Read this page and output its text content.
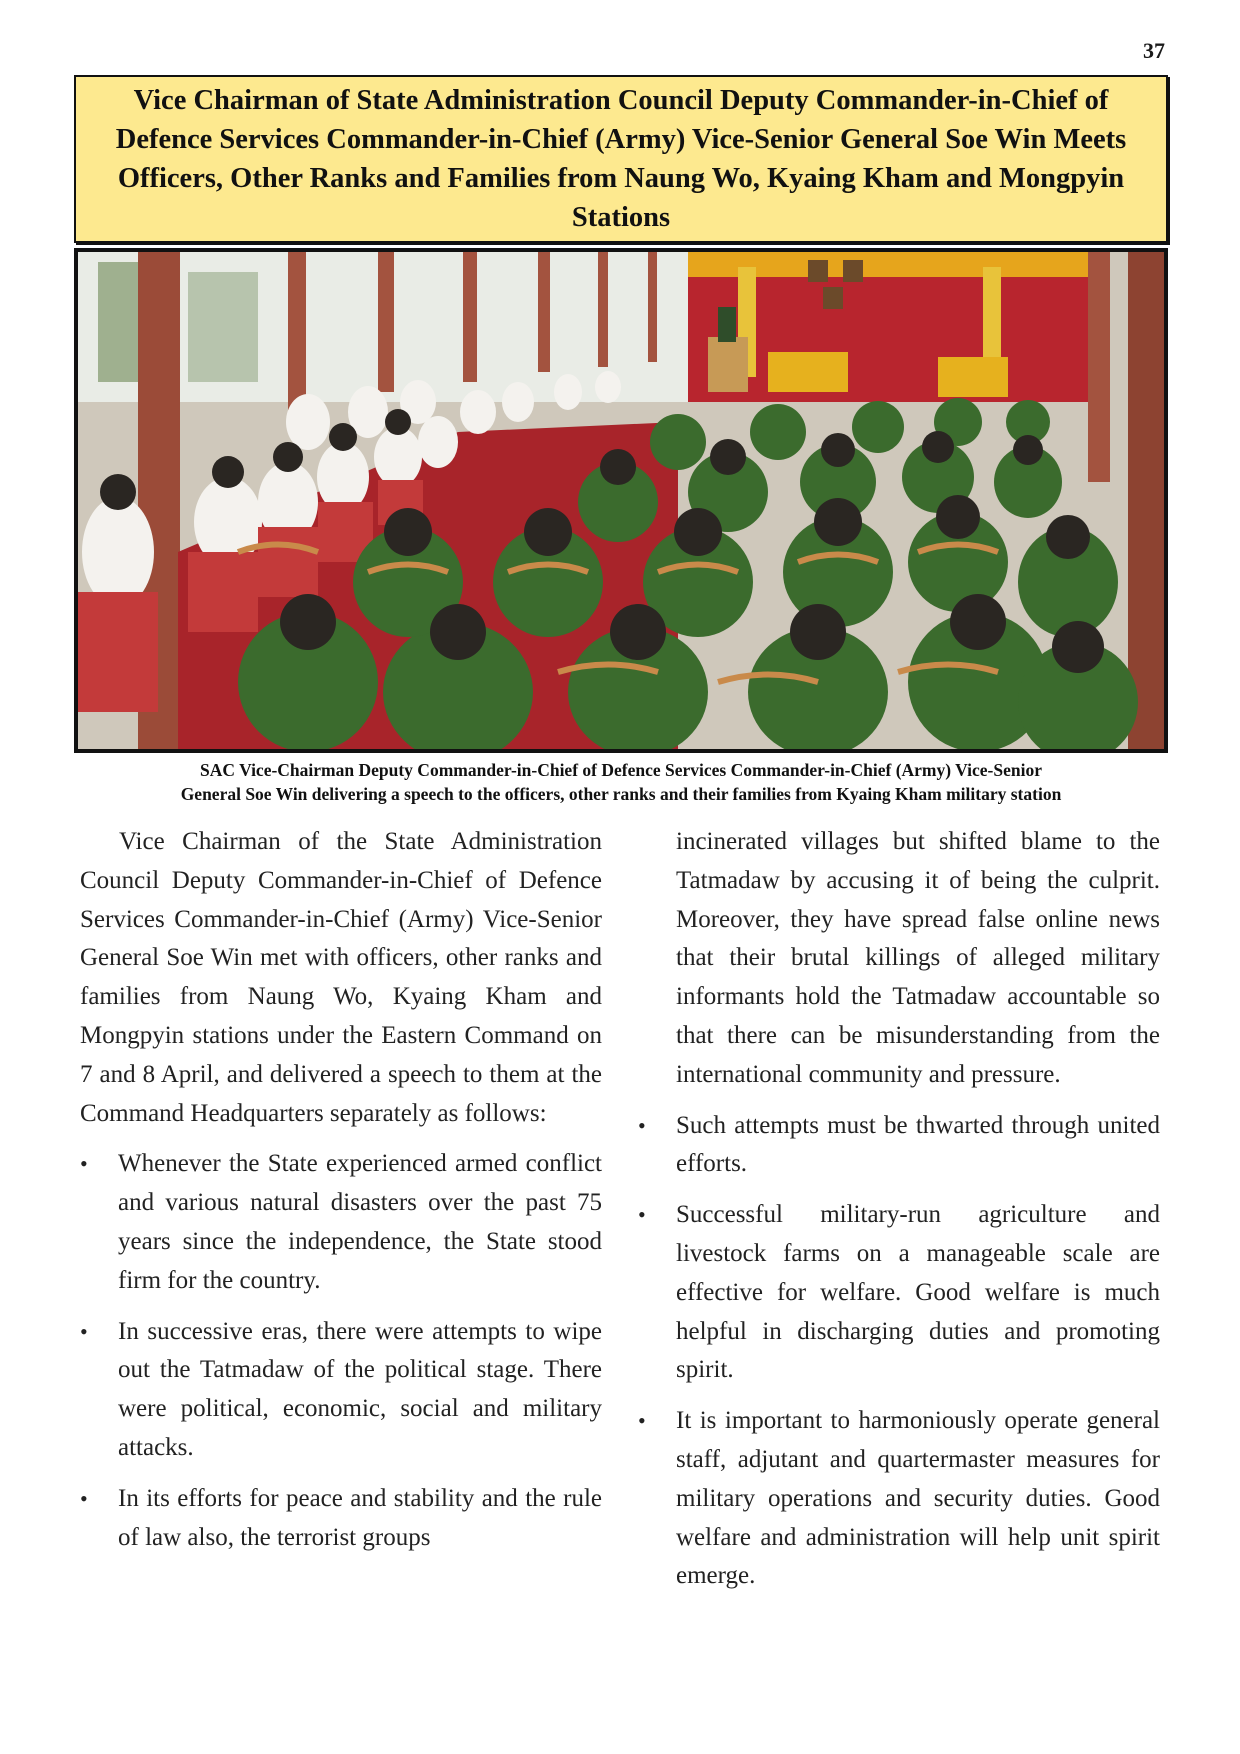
37
Vice Chairman of State Administration Council Deputy Commander-in-Chief of Defence Services Commander-in-Chief (Army) Vice-Senior General Soe Win Meets Officers, Other Ranks and Families from Naung Wo, Kyaing Kham and Mongpyin Stations
SAC Vice-Chairman Deputy Commander-in-Chief of Defence Services Commander-in-Chief (Army) Vice-Senior
General Soe Win delivering a speech to the officers, other ranks and their families from Kyaing Kham military station

Vice Chairman of the State Administration Council Deputy Commander-in-Chief of Defence Services Commander-in-Chief (Army) Vice-Senior General Soe Win met with officers, other ranks and families from Naung Wo, Kyaing Kham and Mongpyin stations under the Eastern Command on 7 and 8 April, and delivered a speech to them at the Command Headquarters separately as follows:

• Whenever the State experienced armed conflict and various natural disasters over the past 75 years since the independence, the State stood firm for the country.
• In successive eras, there were attempts to wipe out the Tatmadaw of the political stage. There were political, economic, social and military attacks.
• In its efforts for peace and stability and the rule of law also, the terrorist groups

incinerated villages but shifted blame to the Tatmadaw by accusing it of being the culprit. Moreover, they have spread false online news that their brutal killings of alleged military informants hold the Tatmadaw accountable so that there can be misunderstanding from the international community and pressure.

• Such attempts must be thwarted through united efforts.
• Successful military-run agriculture and livestock farms on a manageable scale are effective for welfare. Good welfare is much helpful in discharging duties and promoting spirit.
• It is important to harmoniously operate general staff, adjutant and quartermaster measures for military operations and security duties. Good welfare and administration will help unit spirit emerge.
